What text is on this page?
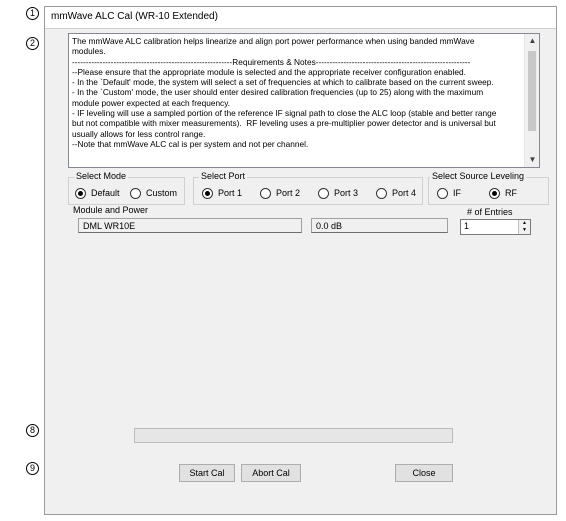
1
2
8
9
mmWave ALC Cal (WR-10 Extended)
The mmWave ALC calibration helps linearize and align port power performance when using banded mmWave
modules.
----------------------------------------------------------Requirements & Notes--------------------------------------------------------
--Please ensure that the appropriate module is selected and the appropriate receiver configuration enabled.
- In the `Default' mode, the system will select a set of frequencies at which to calibrate based on the current sweep.
- In the `Custom' mode, the user should enter desired calibration frequencies (up to 25) along with the maximum
module power expected at each frequency.
- IF leveling will use a sampled portion of the reference IF signal path to close the ALC loop (stable and better range
but not compatible with mixer measurements).  RF leveling uses a pre-multiplier power detector and is universal but
usually allows for less control range.
--Note that mmWave ALC cal is per system and not per channel.
▲
▼
Select Mode
Default	Custom
Select Port
Port 1	Port 2	Port 3	Port 4
Select Source Leveling
IF	RF
Module and Power
DML WR10E	0.0 dB
# of Entries
1	▲
▼
Start Cal	Abort Cal	Close
